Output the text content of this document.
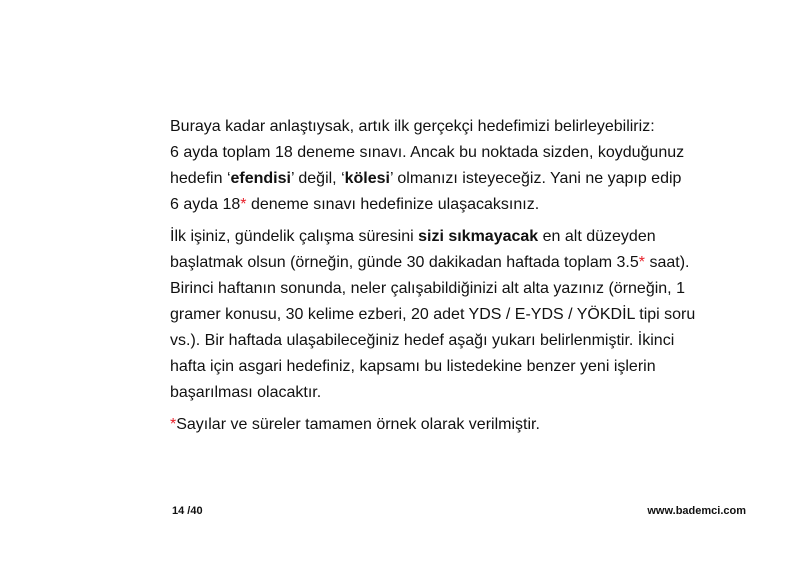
Buraya kadar anlaştıysak, artık ilk gerçekçi hedefimizi belirleyebiliriz:
6 ayda toplam 18 deneme sınavı. Ancak bu noktada sizden, koyduğunuz
hedefin ‘efendisi’ değil, ‘kölesi’ olmanızı isteyeceğiz. Yani ne yapıp edip
6 ayda 18* deneme sınavı hedefinize ulaşacaksınız.

İlk işiniz, gündelik çalışma süresini sizi sıkmayacak en alt düzeyden
başlatmak olsun (örneğin, günde 30 dakikadan haftada toplam 3.5* saat).
Birinci haftanın sonunda, neler çalışabildiğinizi alt alta yazınız (örneğin, 1
gramer konusu, 30 kelime ezberi, 20 adet YDS / E-YDS / YÖKDİL tipi soru
vs.). Bir haftada ulaşabileceğiniz hedef aşağı yukarı belirlenmiştir. İkinci
hafta için asgari hedefiniz, kapsamı bu listedekine benzer yeni işlerin
başarılması olacaktır.

*Sayılar ve süreler tamamen örnek olarak verilmiştir.

14 /40	www.bademci.com
